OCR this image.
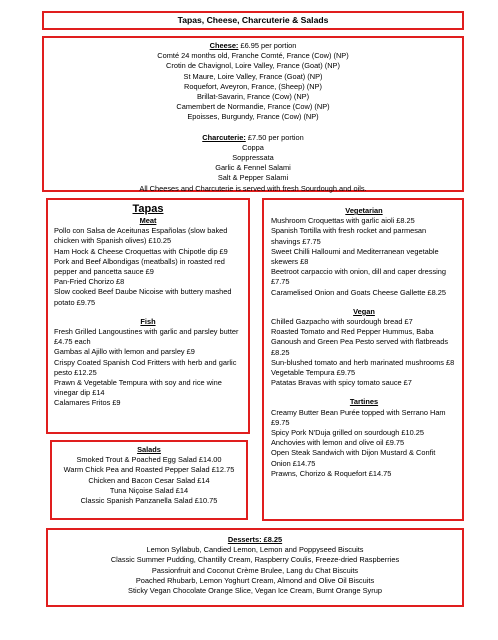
Tapas, Cheese, Charcuterie & Salads
Cheese: £6.95 per portion
Comté 24 months old, Franche Comté, France (Cow) (NP)
Crotin de Chavignol, Loire Valley, France (Goat) (NP)
St Maure, Loire Valley, France (Goat) (NP)
Roquefort, Aveyron, France, (Sheep) (NP)
Brillat-Savarin, France (Cow) (NP)
Camembert de Normandie, France (Cow) (NP)
Epoisses, Burgundy, France (Cow) (NP)
Charcuterie: £7.50 per portion
Coppa
Soppressata
Garlic & Fennel Salami
Salt & Pepper Salami
All Cheeses and Charcuterie is served with fresh Sourdough and oils.
Tapas
Meat
Pollo con Salsa de Aceitunas Españolas (slow baked chicken with Spanish olives) £10.25
Ham Hock & Cheese Croquettas with Chipotle dip £9
Pork and Beef Albondigas (meatballs) in roasted red pepper and pancetta sauce £9
Pan-Fried Chorizo £8
Slow cooked Beef Daube Nicoise with buttery mashed potato £9.75
Fish
Fresh Grilled Langoustines with garlic and parsley butter £4.75 each
Gambas al Ajillo with lemon and parsley £9
Crispy Coated Spanish Cod Fritters with herb and garlic pesto £12.25
Prawn & Vegetable Tempura with soy and rice wine vinegar dip £14
Calamares Fritos £9
Salads
Smoked Trout & Poached Egg Salad £14.00
Warm Chick Pea and Roasted Pepper Salad £12.75
Chicken and Bacon Cesar Salad £14
Tuna Niçoise Salad £14
Classic Spanish Panzanella Salad £10.75
Vegetarian
Mushroom Croquettas with garlic aioli £8.25
Spanish Tortilla with fresh rocket and parmesan shavings £7.75
Sweet Chilli Halloumi and Mediterranean vegetable skewers £8
Beetroot carpaccio with onion, dill and caper dressing £7.75
Caramelised Onion and Goats Cheese Gallette £8.25
Vegan
Chilled Gazpacho with sourdough bread £7
Roasted Tomato and Red Pepper Hummus, Baba Ganoush and Green Pea Pesto served with flatbreads £8.25
Sun-blushed tomato and herb marinated mushrooms £8
Vegetable Tempura £9.75
Patatas Bravas with spicy tomato sauce £7
Tartines
Creamy Butter Bean Purée topped with Serrano Ham £9.75
Spicy Pork N'Duja grilled on sourdough £10.25
Anchovies with lemon and olive oil £9.75
Open Steak Sandwich with Dijon Mustard & Confit Onion £14.75
Prawns, Chorizo & Roquefort £14.75
Desserts: £8.25
Lemon Syllabub, Candied Lemon, Lemon and Poppyseed Biscuits
Classic Summer Pudding, Chantilly Cream, Raspberry Coulis, Freeze-dried Raspberries
Passionfruit and Coconut Crème Brulee, Lang du Chat Biscuits
Poached Rhubarb, Lemon Yoghurt Cream, Almond and Olive Oil Biscuits
Sticky Vegan Chocolate Orange Slice, Vegan Ice Cream, Burnt Orange Syrup
